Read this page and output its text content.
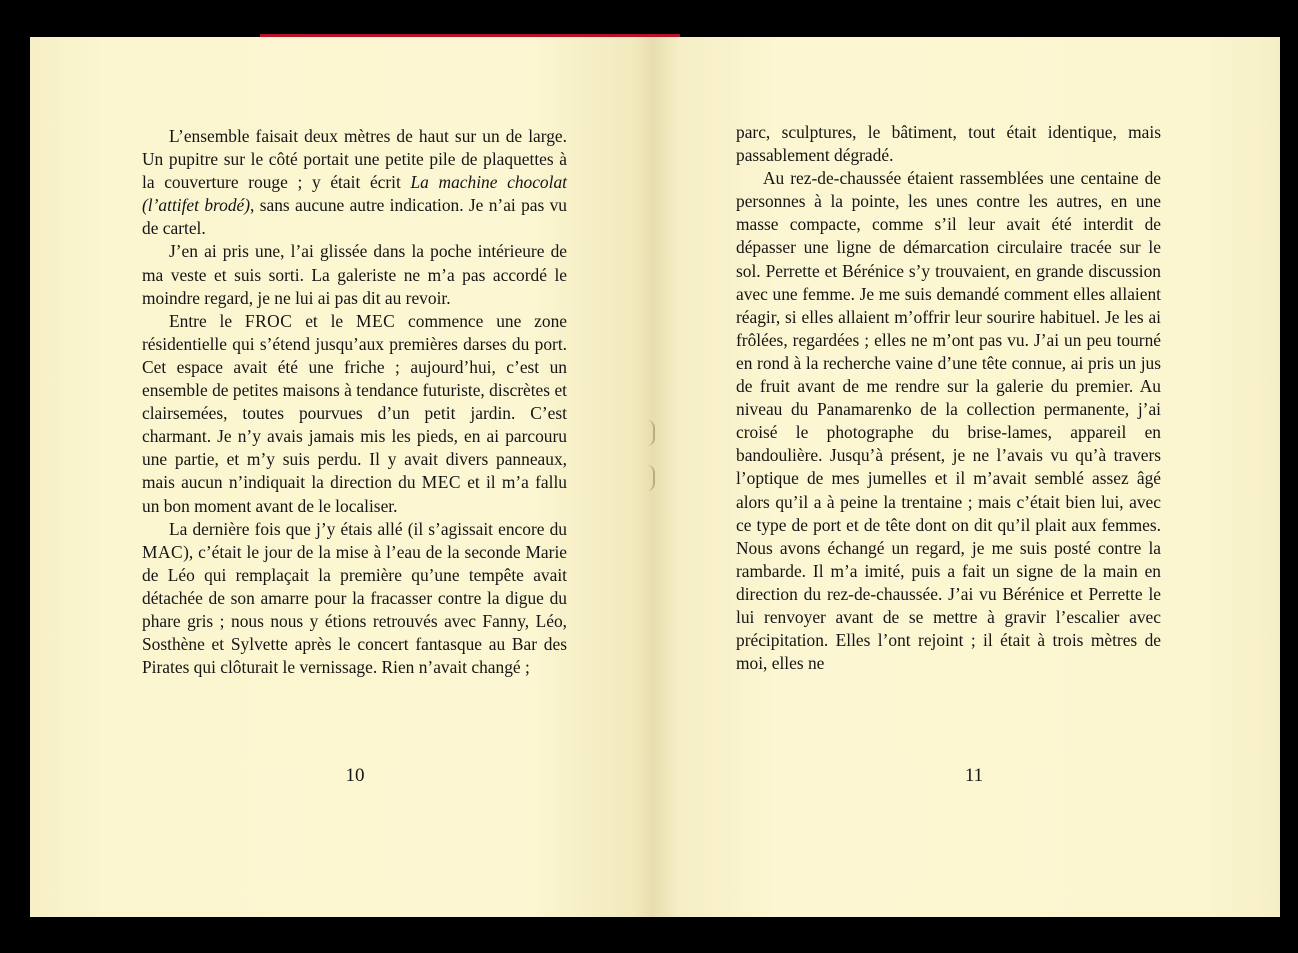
L’ensemble faisait deux mètres de haut sur un de large. Un pupitre sur le côté portait une petite pile de plaquettes à la couverture rouge ; y était écrit La machine chocolat (l’attifet brodé), sans aucune autre indication. Je n’ai pas vu de cartel.

J’en ai pris une, l’ai glissée dans la poche intérieure de ma veste et suis sorti. La galeriste ne m’a pas accordé le moindre regard, je ne lui ai pas dit au revoir.

Entre le FROC et le MEC commence une zone résidentielle qui s’étend jusqu’aux premières darses du port. Cet espace avait été une friche ; aujourd’hui, c’est un ensemble de petites maisons à tendance futuriste, discrètes et clairsemées, toutes pourvues d’un petit jardin. C’est charmant. Je n’y avais jamais mis les pieds, en ai parcouru une partie, et m’y suis perdu. Il y avait divers panneaux, mais aucun n’indiquait la direction du MEC et il m’a fallu un bon moment avant de le localiser.

La dernière fois que j’y étais allé (il s’agissait encore du MAC), c’était le jour de la mise à l’eau de la seconde Marie de Léo qui remplaçait la première qu’une tempête avait détachée de son amarre pour la fracasser contre la digue du phare gris ; nous nous y étions retrouvés avec Fanny, Léo, Sosthène et Sylvette après le concert fantasque au Bar des Pirates qui clôturait le vernissage. Rien n’avait changé ;

10

parc, sculptures, le bâtiment, tout était identique, mais passablement dégradé.

Au rez-de-chaussée étaient rassemblées une centaine de personnes à la pointe, les unes contre les autres, en une masse compacte, comme s’il leur avait été interdit de dépasser une ligne de démarcation circulaire tracée sur le sol. Perrette et Bérénice s’y trouvaient, en grande discussion avec une femme. Je me suis demandé comment elles allaient réagir, si elles allaient m’offrir leur sourire habituel. Je les ai frôlées, regardées ; elles ne m’ont pas vu. J’ai un peu tourné en rond à la recherche vaine d’une tête connue, ai pris un jus de fruit avant de me rendre sur la galerie du premier. Au niveau du Panamarenko de la collection permanente, j’ai croisé le photographe du brise-lames, appareil en bandoulière. Jusqu’à présent, je ne l’avais vu qu’à travers l’optique de mes jumelles et il m’avait semblé assez âgé alors qu’il a à peine la trentaine ; mais c’était bien lui, avec ce type de port et de tête dont on dit qu’il plait aux femmes. Nous avons échangé un regard, je me suis posté contre la rambarde. Il m’a imité, puis a fait un signe de la main en direction du rez-de-chaussée. J’ai vu Bérénice et Perrette le lui renvoyer avant de se mettre à gravir l’escalier avec précipitation. Elles l’ont rejoint ; il était à trois mètres de moi, elles ne

11
